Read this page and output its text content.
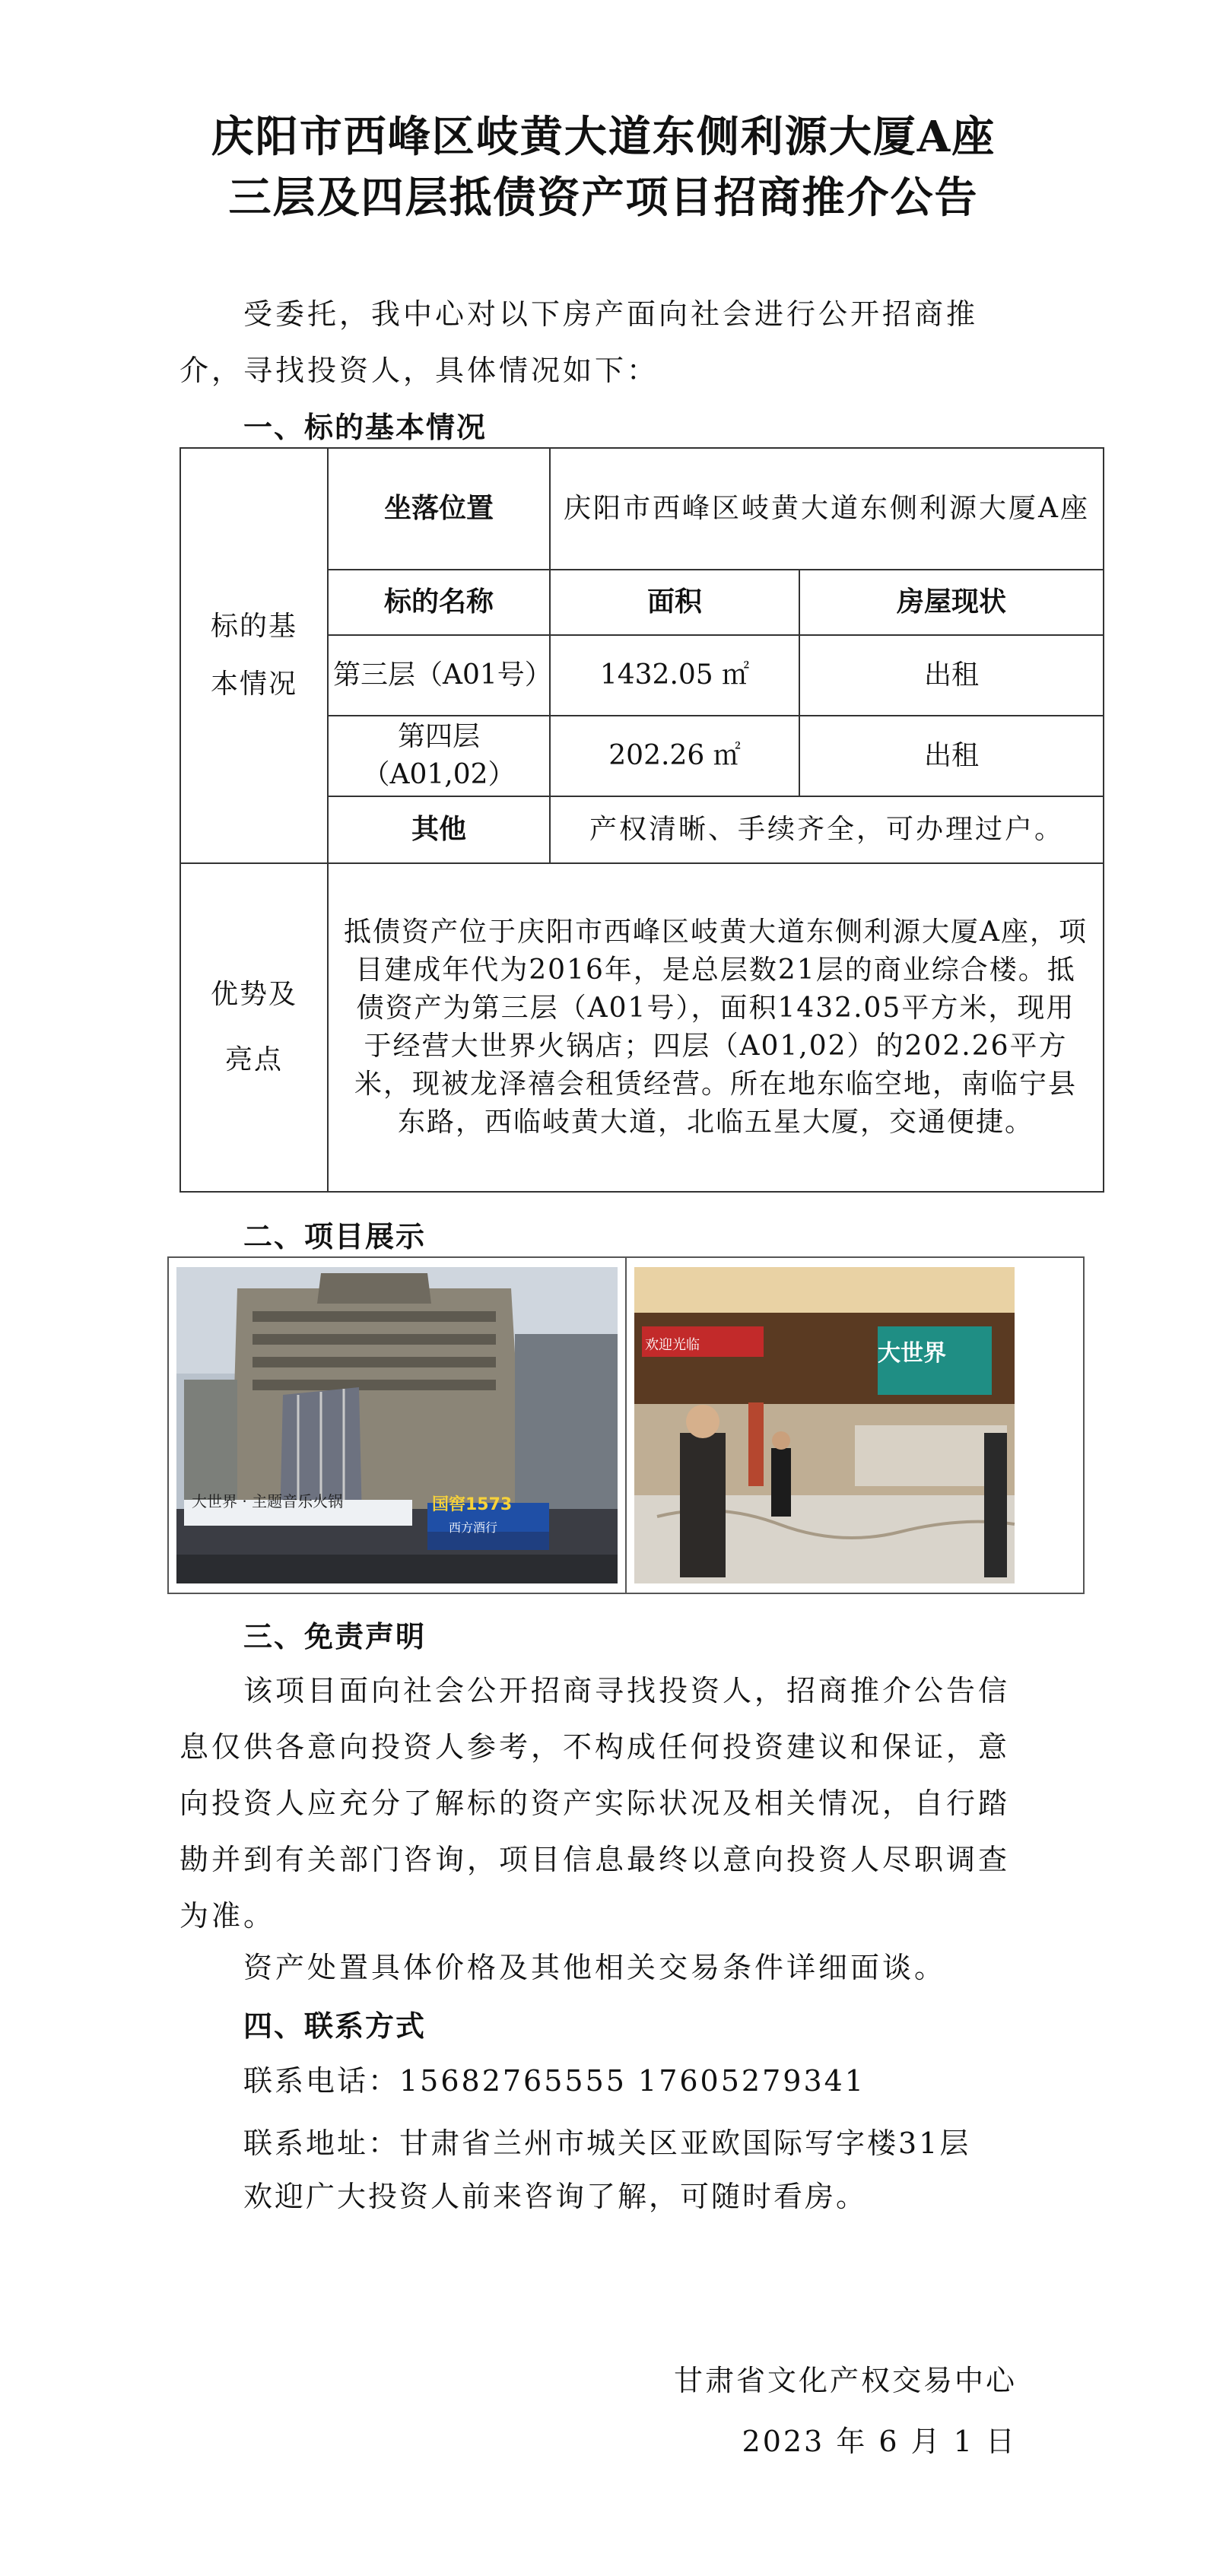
庆阳市西峰区岐黄大道东侧利源大厦A座
三层及四层抵债资产项目招商推介公告
受委托，我中心对以下房产面向社会进行公开招商推介，寻找投资人，具体情况如下：
一、标的基本情况
标的基本情况	坐落位置	庆阳市西峰区岐黄大道东侧利源大厦A座	
	标的名称	面积	房屋现状
	第三层（A01号）	1432.05 ㎡	出租
	第四层（A01,02）	202.26 ㎡	出租
	其他	产权清晰、手续齐全，可办理过户。	
优势及亮点	抵债资产位于庆阳市西峰区岐黄大道东侧利源大厦A座，项目建成年代为2016年，是总层数21层的商业综合楼。抵债资产为第三层（A01号），面积1432.05平方米，现用于经营大世界火锅店；四层（A01,02）的202.26平方米，现被龙泽禧会租赁经营。所在地东临空地，南临宁县东路，西临岐黄大道，北临五星大厦，交通便捷。		
二、项目展示
大世界 · 主题音乐火锅	国窖1573
西方酒行
大世界
欢迎光临
三、免责声明
该项目面向社会公开招商寻找投资人，招商推介公告信息仅供各意向投资人参考，不构成任何投资建议和保证，意向投资人应充分了解标的资产实际状况及相关情况，自行踏勘并到有关部门咨询，项目信息最终以意向投资人尽职调查为准。
资产处置具体价格及其他相关交易条件详细面谈。
四、联系方式
联系电话：15682765555 17605279341
联系地址：甘肃省兰州市城关区亚欧国际写字楼31层
欢迎广大投资人前来咨询了解，可随时看房。
甘肃省文化产权交易中心
2023 年 6 月 1 日
